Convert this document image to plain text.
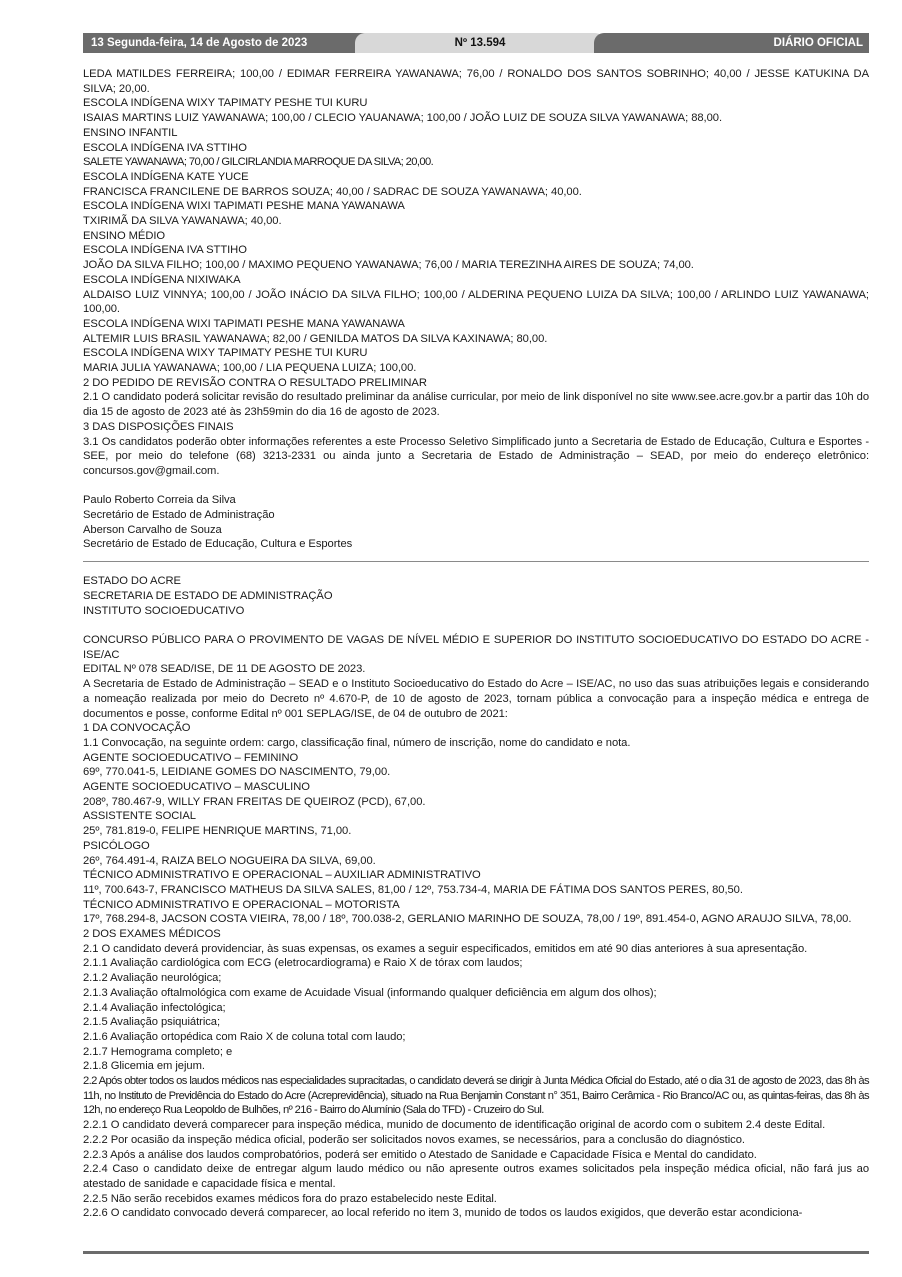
13 Segunda-feira, 14 de Agosto de 2023	Nº 13.594	DIÁRIO OFICIAL
LEDA MATILDES FERREIRA; 100,00 / EDIMAR FERREIRA YAWANAWA; 76,00 / RONALDO DOS SANTOS SOBRINHO; 40,00 / JESSE KATUKINA DA SILVA; 20,00.
ESCOLA INDÍGENA WIXY TAPIMATY PESHE TUI KURU
ISAIAS MARTINS LUIZ YAWANAWA; 100,00 / CLECIO YAUANAWA; 100,00 / JOÃO LUIZ DE SOUZA SILVA YAWANAWA; 88,00.
ENSINO INFANTIL
ESCOLA INDÍGENA IVA STTIHO
SALETE YAWANAWA; 70,00 / GILCIRLANDIA MARROQUE DA SILVA; 20,00.
ESCOLA INDÍGENA KATE YUCE
FRANCISCA FRANCILENE DE BARROS SOUZA; 40,00 / SADRAC DE SOUZA YAWANAWA; 40,00.
ESCOLA INDÍGENA WIXI TAPIMATI PESHE MANA YAWANAWA
TXIRIMÃ DA SILVA YAWANAWA; 40,00.
ENSINO MÉDIO
ESCOLA INDÍGENA IVA STTIHO
JOÃO DA SILVA FILHO; 100,00 / MAXIMO PEQUENO YAWANAWA; 76,00 / MARIA TEREZINHA AIRES DE SOUZA; 74,00.
ESCOLA INDÍGENA NIXIWAKA
ALDAISO LUIZ VINNYA; 100,00 / JOÃO INÁCIO DA SILVA FILHO; 100,00 / ALDERINA PEQUENO LUIZA DA SILVA; 100,00 / ARLINDO LUIZ YAWANAWA; 100,00.
ESCOLA INDÍGENA WIXI TAPIMATI PESHE MANA YAWANAWA
ALTEMIR LUIS BRASIL YAWANAWA; 82,00 / GENILDA MATOS DA SILVA KAXINAWA; 80,00.
ESCOLA INDÍGENA WIXY TAPIMATY PESHE TUI KURU
MARIA JULIA YAWANAWA; 100,00 / LIA PEQUENA LUIZA; 100,00.
2 DO PEDIDO DE REVISÃO CONTRA O RESULTADO PRELIMINAR
2.1 O candidato poderá solicitar revisão do resultado preliminar da análise curricular, por meio de link disponível no site www.see.acre.gov.br a partir das 10h do dia 15 de agosto de 2023 até às 23h59min do dia 16 de agosto de 2023.
3 DAS DISPOSIÇÕES FINAIS
3.1 Os candidatos poderão obter informações referentes a este Processo Seletivo Simplificado junto a Secretaria de Estado de Educação, Cultura e Esportes - SEE, por meio do telefone (68) 3213-2331 ou ainda junto a Secretaria de Estado de Administração – SEAD, por meio do endereço eletrônico: concursos.gov@gmail.com.
Paulo Roberto Correia da Silva
Secretário de Estado de Administração
Aberson Carvalho de Souza
Secretário de Estado de Educação, Cultura e Esportes
ESTADO DO ACRE
SECRETARIA DE ESTADO DE ADMINISTRAÇÃO
INSTITUTO SOCIOEDUCATIVO
CONCURSO PÚBLICO PARA O PROVIMENTO DE VAGAS DE NÍVEL MÉDIO E SUPERIOR DO INSTITUTO SOCIOEDUCATIVO DO ESTADO DO ACRE - ISE/AC
EDITAL Nº 078 SEAD/ISE, DE 11 DE AGOSTO DE 2023.
A Secretaria de Estado de Administração – SEAD e o Instituto Socioeducativo do Estado do Acre – ISE/AC, no uso das suas atribuições legais e considerando a nomeação realizada por meio do Decreto nº 4.670-P, de 10 de agosto de 2023, tornam pública a convocação para a inspeção médica e entrega de documentos e posse, conforme Edital nº 001 SEPLAG/ISE, de 04 de outubro de 2021:
1 DA CONVOCAÇÃO
1.1 Convocação, na seguinte ordem: cargo, classificação final, número de inscrição, nome do candidato e nota.
AGENTE SOCIOEDUCATIVO – FEMININO
69º, 770.041-5, LEIDIANE GOMES DO NASCIMENTO, 79,00.
AGENTE SOCIOEDUCATIVO – MASCULINO
208º, 780.467-9, WILLY FRAN FREITAS DE QUEIROZ (PCD), 67,00.
ASSISTENTE SOCIAL
25º, 781.819-0, FELIPE HENRIQUE MARTINS, 71,00.
PSICÓLOGO
26º, 764.491-4, RAIZA BELO NOGUEIRA DA SILVA, 69,00.
TÉCNICO ADMINISTRATIVO E OPERACIONAL – AUXILIAR ADMINISTRATIVO
11º, 700.643-7, FRANCISCO MATHEUS DA SILVA SALES, 81,00 / 12º, 753.734-4, MARIA DE FÁTIMA DOS SANTOS PERES, 80,50.
TÉCNICO ADMINISTRATIVO E OPERACIONAL – MOTORISTA
17º, 768.294-8, JACSON COSTA VIEIRA, 78,00 / 18º, 700.038-2, GERLANIO MARINHO DE SOUZA, 78,00 / 19º, 891.454-0, AGNO ARAUJO SILVA, 78,00.
2 DOS EXAMES MÉDICOS
2.1 O candidato deverá providenciar, às suas expensas, os exames a seguir especificados, emitidos em até 90 dias anteriores à sua apresentação.
2.1.1 Avaliação cardiológica com ECG (eletrocardiograma) e Raio X de tórax com laudos;
2.1.2 Avaliação neurológica;
2.1.3 Avaliação oftalmológica com exame de Acuidade Visual (informando qualquer deficiência em algum dos olhos);
2.1.4 Avaliação infectológica;
2.1.5 Avaliação psiquiátrica;
2.1.6 Avaliação ortopédica com Raio X de coluna total com laudo;
2.1.7 Hemograma completo; e
2.1.8 Glicemia em jejum.
2.2 Após obter todos os laudos médicos nas especialidades supracitadas, o candidato deverá se dirigir à Junta Médica Oficial do Estado, até o dia 31 de agosto de 2023, das 8h às 11h, no Instituto de Previdência do Estado do Acre (Acreprevidência), situado na Rua Benjamin Constant n° 351, Bairro Cerâmica - Rio Branco/AC ou, as quintas-feiras, das 8h às 12h, no endereço Rua Leopoldo de Bulhões, nº 216 - Bairro do Alumínio (Sala do TFD) - Cruzeiro do Sul.
2.2.1 O candidato deverá comparecer para inspeção médica, munido de documento de identificação original de acordo com o subitem 2.4 deste Edital.
2.2.2 Por ocasião da inspeção médica oficial, poderão ser solicitados novos exames, se necessários, para a conclusão do diagnóstico.
2.2.3 Após a análise dos laudos comprobatórios, poderá ser emitido o Atestado de Sanidade e Capacidade Física e Mental do candidato.
2.2.4 Caso o candidato deixe de entregar algum laudo médico ou não apresente outros exames solicitados pela inspeção médica oficial, não fará jus ao atestado de sanidade e capacidade física e mental.
2.2.5 Não serão recebidos exames médicos fora do prazo estabelecido neste Edital.
2.2.6 O candidato convocado deverá comparecer, ao local referido no item 3, munido de todos os laudos exigidos, que deverão estar acondiciona-
